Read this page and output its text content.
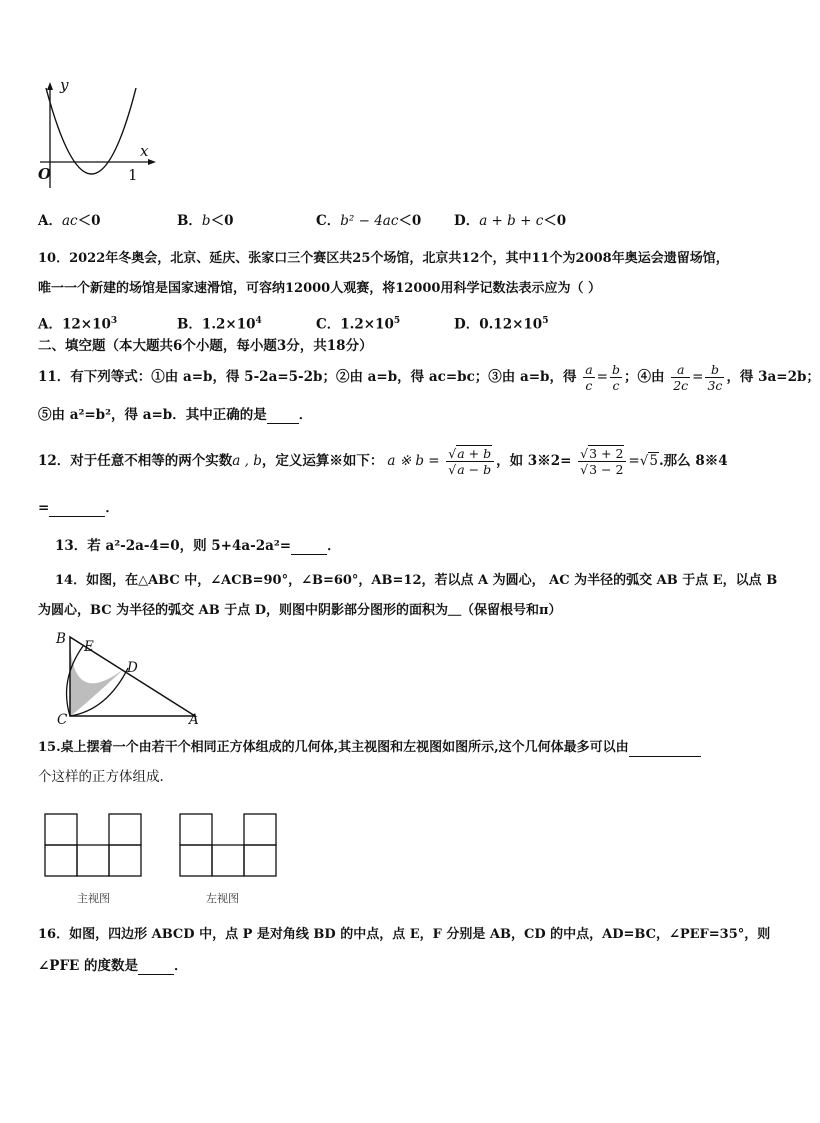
y
x
O	1
A．ac＜0	B．b＜0	C．b² − 4ac＜0 D．a + b + c＜0
10．2022年冬奥会，北京、延庆、张家口三个赛区共25个场馆，北京共12个，其中11个为2008年奥运会遗留场馆，
唯一一个新建的场馆是国家速滑馆，可容纳12000人观赛，将12000用科学记数法表示应为（ ）
A．$12\times 10^3$	B．$1.2\times 10^4$	C．$1.2\times 10^5$	D．$0.12\times 10^5$
二、填空题（本大题共6个小题，每小题3分，共18分）
11．有下列等式：①由 a=b，得 5-2a=5-2b；②由 a=b，得 ac=bc；③由 a=b，得 $\frac{a}{c} = \frac{b}{c}$ ；④由 $\frac{a}{2c} = \frac{b}{3c}$ ，得 3a=2b；
⑤由 a²=b²，得 a=b．其中正确的是 ．
12．对于任意不相等的两个实数a , b，定义运算※如下： a ※ $b = \frac{√a + b}{√a - b}$ ，如 3※2= $\frac{√3 + 2}{√3 - 2} =√5$.那么 8※4
=	．
13．若 a²-2a-4=0，则 5+4a-2a²=	．
14．如图，在△ABC 中，∠ACB=90°，∠B=60°，AB=12，若以点 A 为圆心， AC 为半径的弧交 AB 于点 E，以点 B
为圆心，BC 为半径的弧交 AB 于点 D，则图中阴影部分图形的面积为＿（保留根号和π）
B E
D
C	A
15.桌上摆着一个由若干个相同正方体组成的几何体,其主视图和左视图如图所示,这个几何体最多可以由
个这样的正方体组成.
主视图	左视图
16．如图，四边形 ABCD 中，点 P 是对角线 BD 的中点，点 E，F 分别是 AB，CD 的中点，AD=BC，∠PEF=35°，则
∠PFE 的度数是	．
